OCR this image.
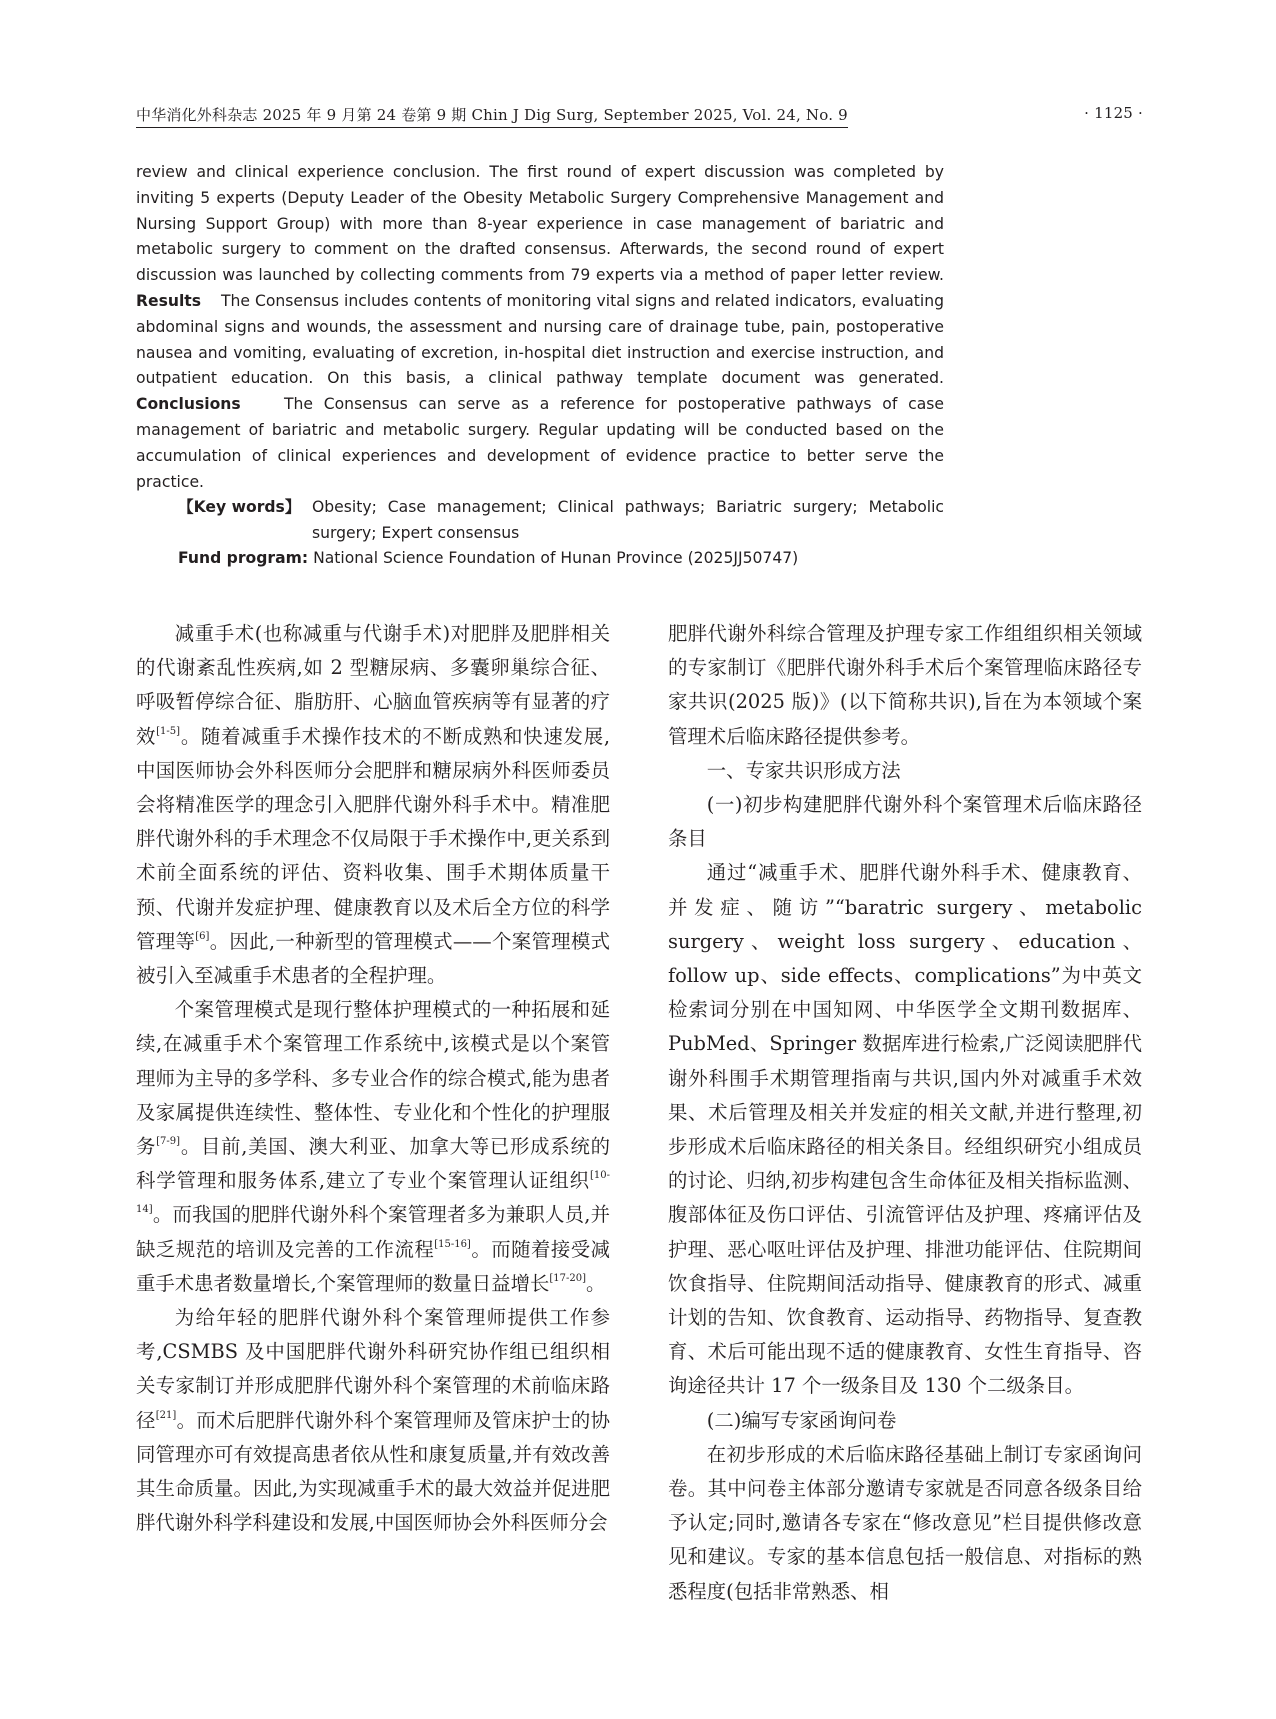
中华消化外科杂志 2025 年 9 月第 24 卷第 9 期 Chin J Dig Surg, September 2025, Vol. 24, No. 9	· 1125 ·

review and clinical experience conclusion. The first round of expert discussion was completed by inviting 5 experts (Deputy Leader of the Obesity Metabolic Surgery Comprehensive Management and Nursing Support Group) with more than 8-year experience in case management of bariatric and metabolic surgery to comment on the drafted consensus. Afterwards, the second round of expert discussion was launched by collecting comments from 79 experts via a method of paper letter review. Results The Consensus includes contents of monitoring vital signs and related indicators, evaluating abdominal signs and wounds, the assessment and nursing care of drainage tube, pain, postoperative nausea and vomiting, evaluating of excretion, in-hospital diet instruction and exercise instruction, and outpatient education. On this basis, a clinical pathway template document was generated. Conclusions	The Consensus can serve as a reference for postoperative pathways of case management of bariatric and metabolic surgery. Regular updating will be conducted based on the accumulation of clinical experiences and development of evidence practice to better serve the practice.

【Key words】 Obesity; Case management; Clinical pathways; Bariatric surgery; Metabolic surgery; Expert consensus
Fund program: National Science Foundation of Hunan Province (2025JJ50747)

减重手术(也称减重与代谢手术)对肥胖及肥胖相关的代谢紊乱性疾病,如 2 型糖尿病、多囊卵巢综合征、呼吸暂停综合征、脂肪肝、心脑血管疾病等有显著的疗效[1-5]。随着减重手术操作技术的不断成熟和快速发展,中国医师协会外科医师分会肥胖和糖尿病外科医师委员会将精准医学的理念引入肥胖代谢外科手术中。精准肥胖代谢外科的手术理念不仅局限于手术操作中,更关系到术前全面系统的评估、资料收集、围手术期体质量干预、代谢并发症护理、健康教育以及术后全方位的科学管理等[6]。因此,一种新型的管理模式——个案管理模式被引入至减重手术患者的全程护理。

个案管理模式是现行整体护理模式的一种拓展和延续,在减重手术个案管理工作系统中,该模式是以个案管理师为主导的多学科、多专业合作的综合模式,能为患者及家属提供连续性、整体性、专业化和个性化的护理服务[7-9]。目前,美国、澳大利亚、加拿大等已形成系统的科学管理和服务体系,建立了专业个案管理认证组织[10-14]。而我国的肥胖代谢外科个案管理者多为兼职人员,并缺乏规范的培训及完善的工作流程[15-16]。而随着接受减重手术患者数量增长,个案管理师的数量日益增长[17-20]。

为给年轻的肥胖代谢外科个案管理师提供工作参考,CSMBS 及中国肥胖代谢外科研究协作组已组织相关专家制订并形成肥胖代谢外科个案管理的术前临床路径[21]。而术后肥胖代谢外科个案管理师及管床护士的协同管理亦可有效提高患者依从性和康复质量,并有效改善其生命质量。因此,为实现减重手术的最大效益并促进肥胖代谢外科学科建设和发展,中国医师协会外科医师分会

肥胖代谢外科综合管理及护理专家工作组组织相关领域的专家制订《肥胖代谢外科手术后个案管理临床路径专家共识(2025 版)》(以下简称共识),旨在为本领域个案管理术后临床路径提供参考。

一、专家共识形成方法

(一)初步构建肥胖代谢外科个案管理术后临床路径条目

通过“减重手术、肥胖代谢外科手术、健康教育、并发症、随访”“baratric surgery、metabolic surgery、weight loss surgery、education、follow up、side effects、complications”为中英文检索词分别在中国知网、中华医学全文期刊数据库、PubMed、Springer 数据库进行检索,广泛阅读肥胖代谢外科围手术期管理指南与共识,国内外对减重手术效果、术后管理及相关并发症的相关文献,并进行整理,初步形成术后临床路径的相关条目。经组织研究小组成员的讨论、归纳,初步构建包含生命体征及相关指标监测、腹部体征及伤口评估、引流管评估及护理、疼痛评估及护理、恶心呕吐评估及护理、排泄功能评估、住院期间饮食指导、住院期间活动指导、健康教育的形式、减重计划的告知、饮食教育、运动指导、药物指导、复查教育、术后可能出现不适的健康教育、女性生育指导、咨询途径共计 17 个一级条目及 130 个二级条目。

(二)编写专家函询问卷

在初步形成的术后临床路径基础上制订专家函询问卷。其中问卷主体部分邀请专家就是否同意各级条目给予认定;同时,邀请各专家在“修改意见”栏目提供修改意见和建议。专家的基本信息包括一般信息、对指标的熟悉程度(包括非常熟悉、相
